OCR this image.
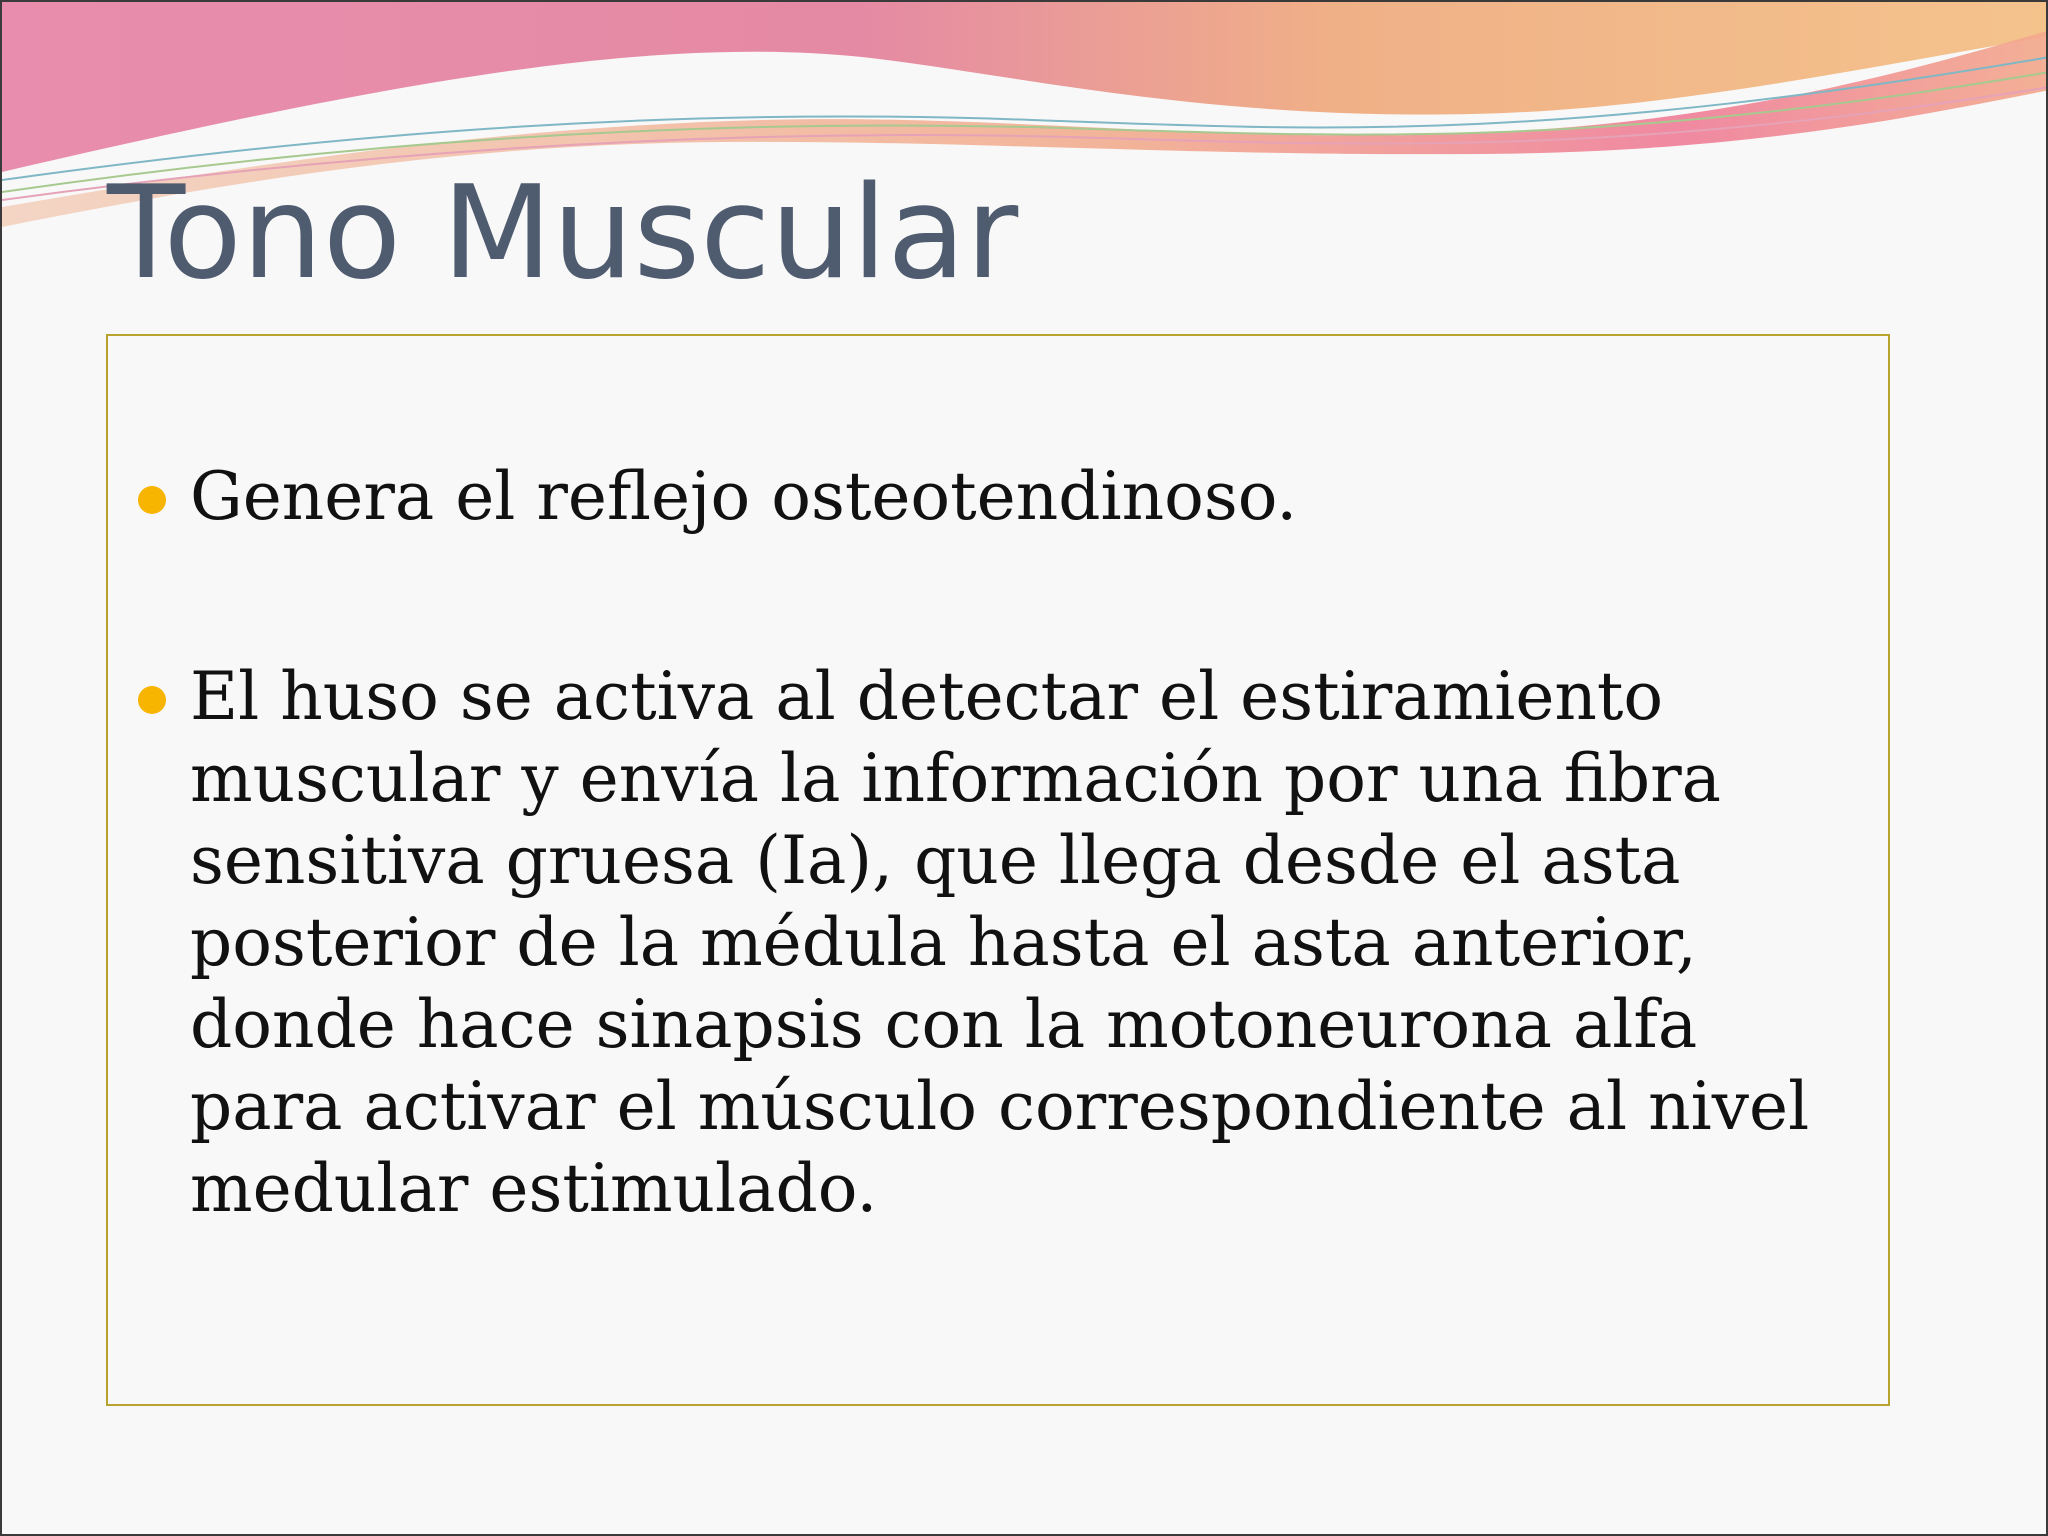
Tono Muscular
Genera el reflejo osteotendinoso.
El huso se activa al detectar el estiramiento muscular y envía la información por una fibra sensitiva gruesa (Ia), que llega desde el asta posterior de la médula hasta el asta anterior, donde hace sinapsis con la motoneurona alfa para activar el músculo correspondiente al nivel medular estimulado.
